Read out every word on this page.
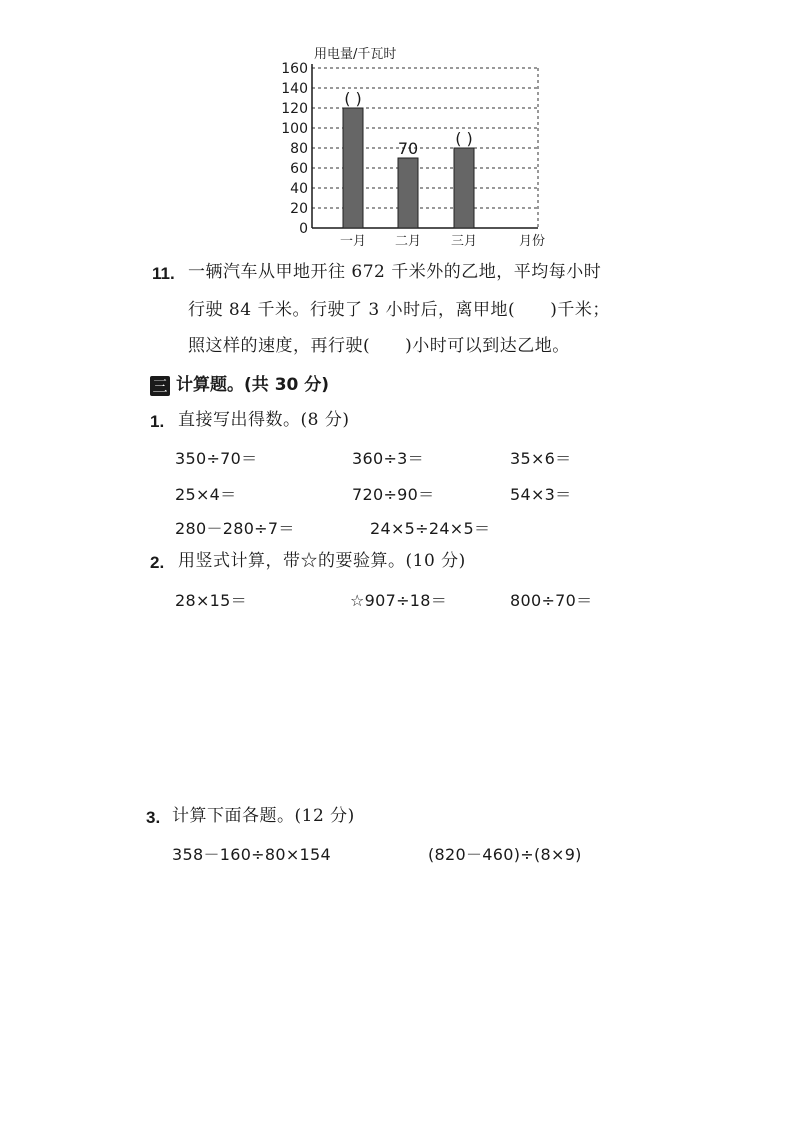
0
20
40
60
80
100
120
140
160
用电量/千瓦时
( )
一月
70
二月
( )
三月	月份
11. 一辆汽车从甲地开往 672 千米外的乙地，平均每小时
行驶 84 千米。行驶了 3 小时后，离甲地(　　)千米；
照这样的速度，再行驶(　　)小时可以到达乙地。
三 计算题。(共 30 分)
1. 直接写出得数。(8 分)
350÷70＝	360÷3＝	35×6＝
25×4＝	720÷90＝	54×3＝
280－280÷7＝	24×5÷24×5＝
2. 用竖式计算，带☆的要验算。(10 分)
28×15＝	☆907÷18＝	800÷70＝
3. 计算下面各题。(12 分)
358－160÷80×154	(820－460)÷(8×9)
